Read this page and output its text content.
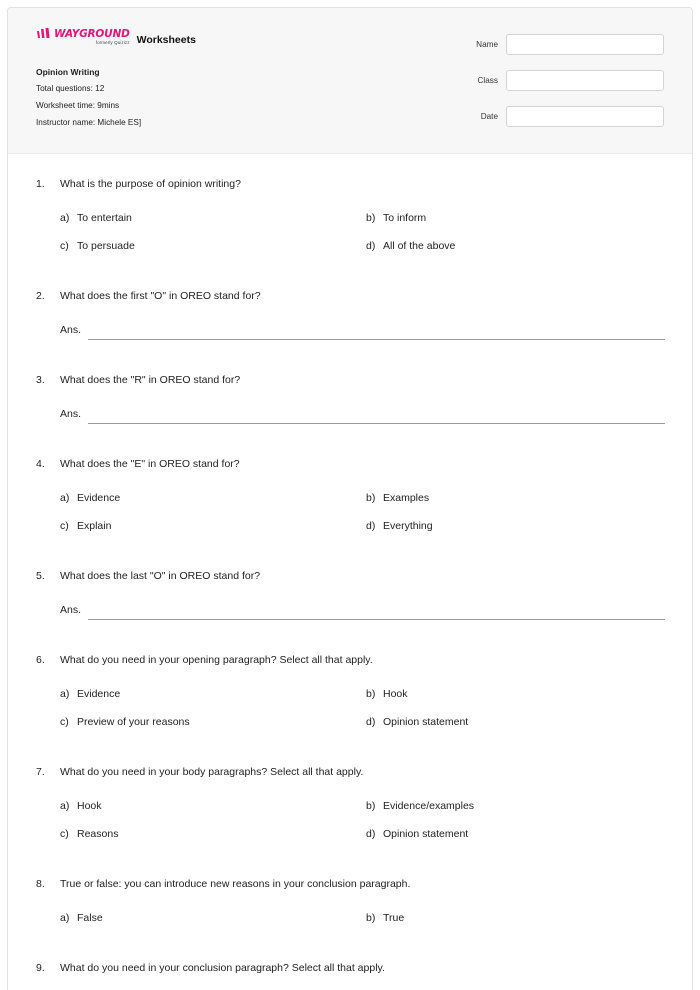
WAYGROUND
formerly Quizizz Worksheets
Opinion Writing
Total questions: 12
Worksheet time: 9mins
Instructor name: Michele ES]
Name
Class
Date
1. What is the purpose of opinion writing?
a) To entertain	b) To inform
c) To persuade	d) All of the above
2. What does the first "O" in OREO stand for?
Ans.
3. What does the "R" in OREO stand for?
Ans.
4. What does the "E" in OREO stand for?
a) Evidence	b) Examples
c) Explain	d) Everything
5. What does the last "O" in OREO stand for?
Ans.
6. What do you need in your opening paragraph? Select all that apply.
a) Evidence	b) Hook
c) Preview of your reasons	d) Opinion statement
7. What do you need in your body paragraphs? Select all that apply.
a) Hook	b) Evidence/examples
c) Reasons	d) Opinion statement
8. True or false: you can introduce new reasons in your conclusion paragraph.
a) False	b) True
9. What do you need in your conclusion paragraph? Select all that apply.
